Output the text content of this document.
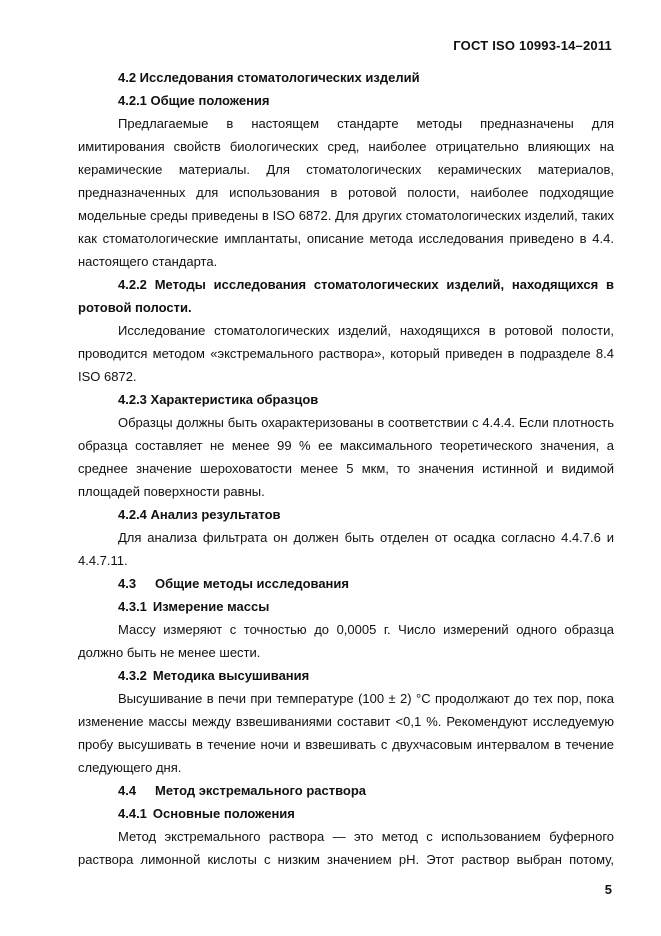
ГОСТ ISO 10993-14–2011

4.2 Исследования стоматологических изделий

4.2.1 Общие положения

Предлагаемые в настоящем стандарте методы предназначены для имитирования свойств биологических сред, наиболее отрицательно влияющих на керамические материалы. Для стоматологических керамических материалов, предназначенных для использования в ротовой полости, наиболее подходящие модельные среды приведены в ISO 6872. Для других стоматологических изделий, таких как стоматологические имплантаты, описание метода исследования приведено в 4.4. настоящего стандарта.

4.2.2 Методы исследования стоматологических изделий, находящихся в ротовой полости.

Исследование стоматологических изделий, находящихся в ротовой полости, проводится методом «экстремального раствора», который приведен в подразделе 8.4 ISO 6872.

4.2.3 Характеристика образцов

Образцы должны быть охарактеризованы в соответствии с 4.4.4. Если плотность образца составляет не менее 99 % ее максимального теоретического значения, а среднее значение шероховатости менее 5 мкм, то значения истинной и видимой площадей поверхности равны.

4.2.4 Анализ результатов

Для анализа фильтрата он должен быть отделен от осадка согласно 4.4.7.6 и 4.4.7.11.

4.3 Общие методы исследования

4.3.1 Измерение массы

Массу измеряют с точностью до 0,0005 г. Число измерений одного образца должно быть не менее шести.

4.3.2 Методика высушивания

Высушивание в печи при температуре (100 ± 2) °С продолжают до тех пор, пока изменение массы между взвешиваниями составит <0,1 %. Рекомендуют исследуемую пробу высушивать в течение ночи и взвешивать с двухчасовым интервалом в течение следующего дня.

4.4 Метод экстремального раствора

4.4.1 Основные положения

Метод экстремального раствора — это метод с использованием буферного раствора лимонной кислоты с низким значением pH. Этот раствор выбран потому,

5
